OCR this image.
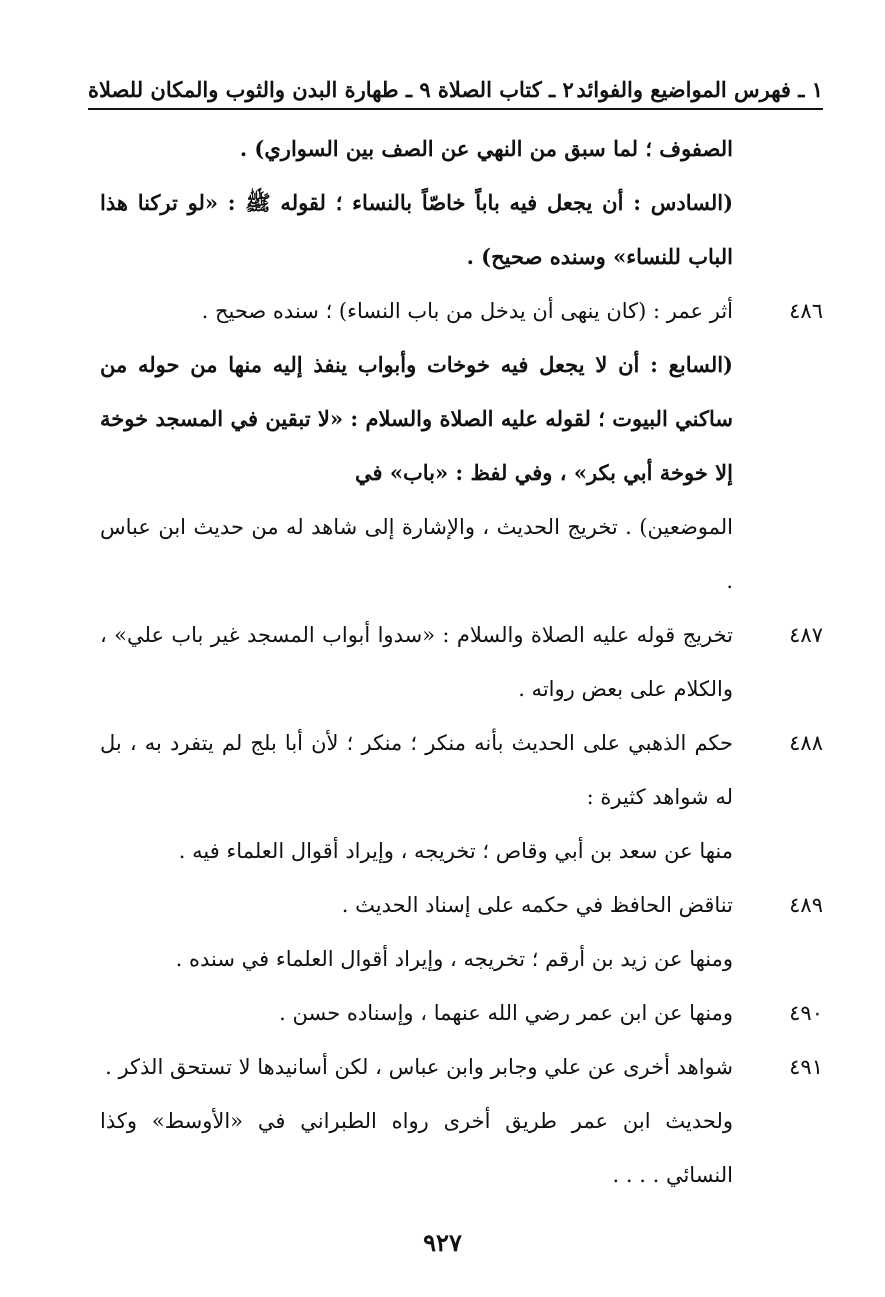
١ ـ فهرس المواضيع والفوائد
٢ ـ كتاب الصلاة ٩ ـ طهارة البدن والثوب والمكان للصلاة

الصفوف ؛ لما سبق من النهي عن الصف بين السواري) .

(السادس : أن يجعل فيه باباً خاصّاً بالنساء ؛ لقوله ﷺ : «لو تركنا هذا الباب للنساء» وسنده صحيح) .

٤٨٦
أثر عمر : (كان ينهى أن يدخل من باب النساء) ؛ سنده صحيح .

(السابع : أن لا يجعل فيه خوخات وأبواب ينفذ إليه منها من حوله من ساكني البيوت ؛ لقوله عليه الصلاة والسلام : «لا تبقين في المسجد خوخة إلا خوخة أبي بكر» ، وفي لفظ : «باب» في

الموضعين) . تخريج الحديث ، والإشارة إلى شاهد له من حديث ابن عباس .

٤٨٧
تخريج قوله عليه الصلاة والسلام : «سدوا أبواب المسجد غير باب علي» ، والكلام على بعض رواته .

٤٨٨
حكم الذهبي على الحديث بأنه منكر ؛ منكر ؛ لأن أبا بلج لم يتفرد به ، بل له شواهد كثيرة :

منها عن سعد بن أبي وقاص ؛ تخريجه ، وإيراد أقوال العلماء فيه .

٤٨٩
تناقض الحافظ في حكمه على إسناد الحديث .

ومنها عن زيد بن أرقم ؛ تخريجه ، وإيراد أقوال العلماء في سنده .

٤٩٠
ومنها عن ابن عمر رضي الله عنهما ، وإسناده حسن .

٤٩١
شواهد أخرى عن علي وجابر وابن عباس ، لكن أسانيدها لا تستحق الذكر .

ولحديث ابن عمر طريق أخرى رواه الطبراني في «الأوسط» وكذا النسائي . . . .

٩٢٧
